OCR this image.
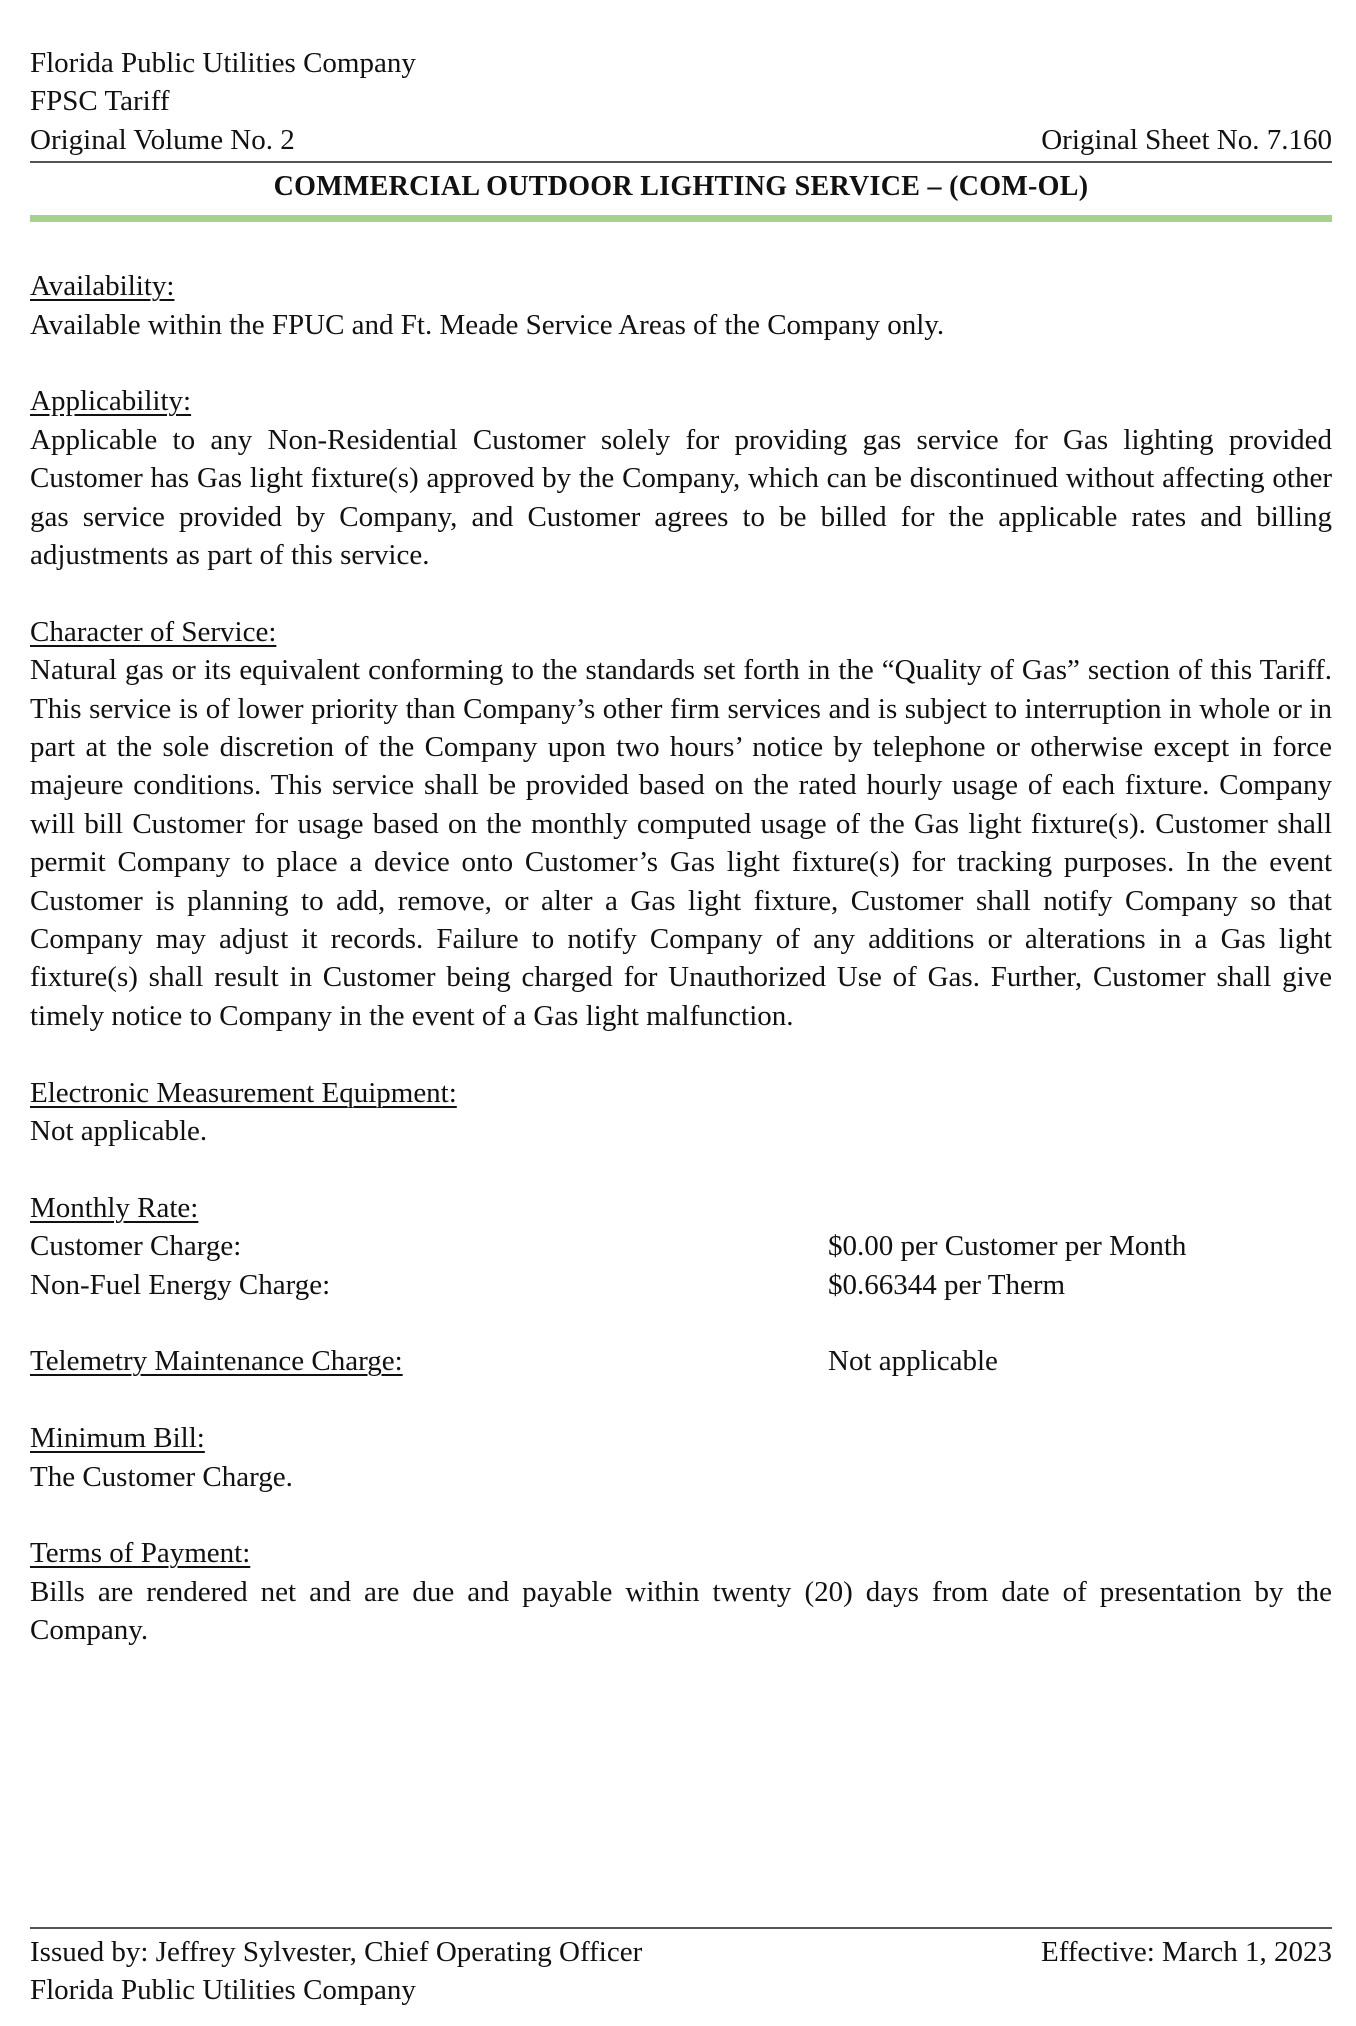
Florida Public Utilities Company
FPSC Tariff
Original Volume No. 2	Original Sheet No. 7.160
COMMERCIAL OUTDOOR LIGHTING SERVICE – (COM-OL)
Availability:
Available within the FPUC and Ft. Meade Service Areas of the Company only.
Applicability:
Applicable to any Non-Residential Customer solely for providing gas service for Gas lighting provided Customer has Gas light fixture(s) approved by the Company, which can be discontinued without affecting other gas service provided by Company, and Customer agrees to be billed for the applicable rates and billing adjustments as part of this service.
Character of Service:
Natural gas or its equivalent conforming to the standards set forth in the “Quality of Gas” section of this Tariff. This service is of lower priority than Company’s other firm services and is subject to interruption in whole or in part at the sole discretion of the Company upon two hours’ notice by telephone or otherwise except in force majeure conditions. This service shall be provided based on the rated hourly usage of each fixture. Company will bill Customer for usage based on the monthly computed usage of the Gas light fixture(s). Customer shall permit Company to place a device onto Customer’s Gas light fixture(s) for tracking purposes. In the event Customer is planning to add, remove, or alter a Gas light fixture, Customer shall notify Company so that Company may adjust it records. Failure to notify Company of any additions or alterations in a Gas light fixture(s) shall result in Customer being charged for Unauthorized Use of Gas. Further, Customer shall give timely notice to Company in the event of a Gas light malfunction.
Electronic Measurement Equipment:
Not applicable.
Monthly Rate:
Customer Charge:	$0.00 per Customer per Month
Non-Fuel Energy Charge:	$0.66344 per Therm
Telemetry Maintenance Charge:	Not applicable
Minimum Bill:
The Customer Charge.
Terms of Payment:
Bills are rendered net and are due and payable within twenty (20) days from date of presentation by the Company.
Issued by: Jeffrey Sylvester, Chief Operating Officer	Effective: March 1, 2023
Florida Public Utilities Company
